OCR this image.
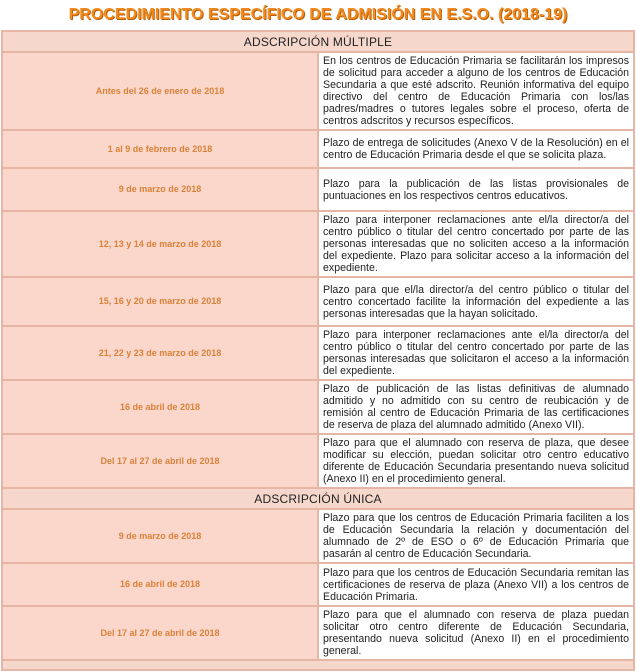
PROCEDIMIENTO ESPECÍFICO DE ADMISIÓN EN E.S.O. (2018-19)
ADSCRIPCIÓN MÚLTIPLE	
Antes del 26 de enero de 2018	En los centros de Educación Primaria se facilitarán los impresos de solicitud para acceder a alguno de los centros de Educación Secundaria a que esté adscrito. Reunión informativa del equipo directivo del centro de Educación Primaria con los/las padres/madres o tutores legales sobre el proceso, oferta de centros adscritos y recursos específicos.
1 al 9 de febrero de 2018	Plazo de entrega de solicitudes (Anexo V de la Resolución) en el centro de Educación Primaria desde el que se solicita plaza.
9 de marzo de 2018	Plazo para la publicación de las listas provisionales de puntuaciones en los respectivos centros educativos.
12, 13 y 14 de marzo de 2018	Plazo para interponer reclamaciones ante el/la director/a del centro público o titular del centro concertado por parte de las personas interesadas que no soliciten acceso a la información del expediente. Plazo para solicitar acceso a la información del expediente.
15, 16 y 20 de marzo de 2018	Plazo para que el/la director/a del centro público o titular del centro concertado facilite la información del expediente a las personas interesadas que la hayan solicitado.
21, 22 y 23 de marzo de 2018	Plazo para interponer reclamaciones ante el/la director/a del centro público o titular del centro concertado por parte de las personas interesadas que solicitaron el acceso a la información del expediente.
16 de abril de 2018	Plazo de publicación de las listas definitivas de alumnado admitido y no admitido con su centro de reubicación y de remisión al centro de Educación Primaria de las certificaciones de reserva de plaza del alumnado admitido (Anexo VII).
Del 17 al 27 de abril de 2018	Plazo para que el alumnado con reserva de plaza, que desee modificar su elección, puedan solicitar otro centro educativo diferente de Educación Secundaria presentando nueva solicitud (Anexo II) en el procedimiento general.
ADSCRIPCIÓN ÚNICA	
9 de marzo de 2018	Plazo para que los centros de Educación Primaria faciliten a los de Educación Secundaria la relación y documentación del alumnado de 2º de ESO o 6º de Educación Primaria que pasarán al centro de Educación Secundaria.
16 de abril de 2018	Plazo para que los centros de Educación Secundaria remitan las certificaciones de reserva de plaza (Anexo VII) a los centros de Educación Primaria.
Del 17 al 27 de abril de 2018	Plazo para que el alumnado con reserva de plaza puedan solicitar otro centro diferente de Educación Secundaria, presentando nueva solicitud (Anexo II) en el procedimiento general.
